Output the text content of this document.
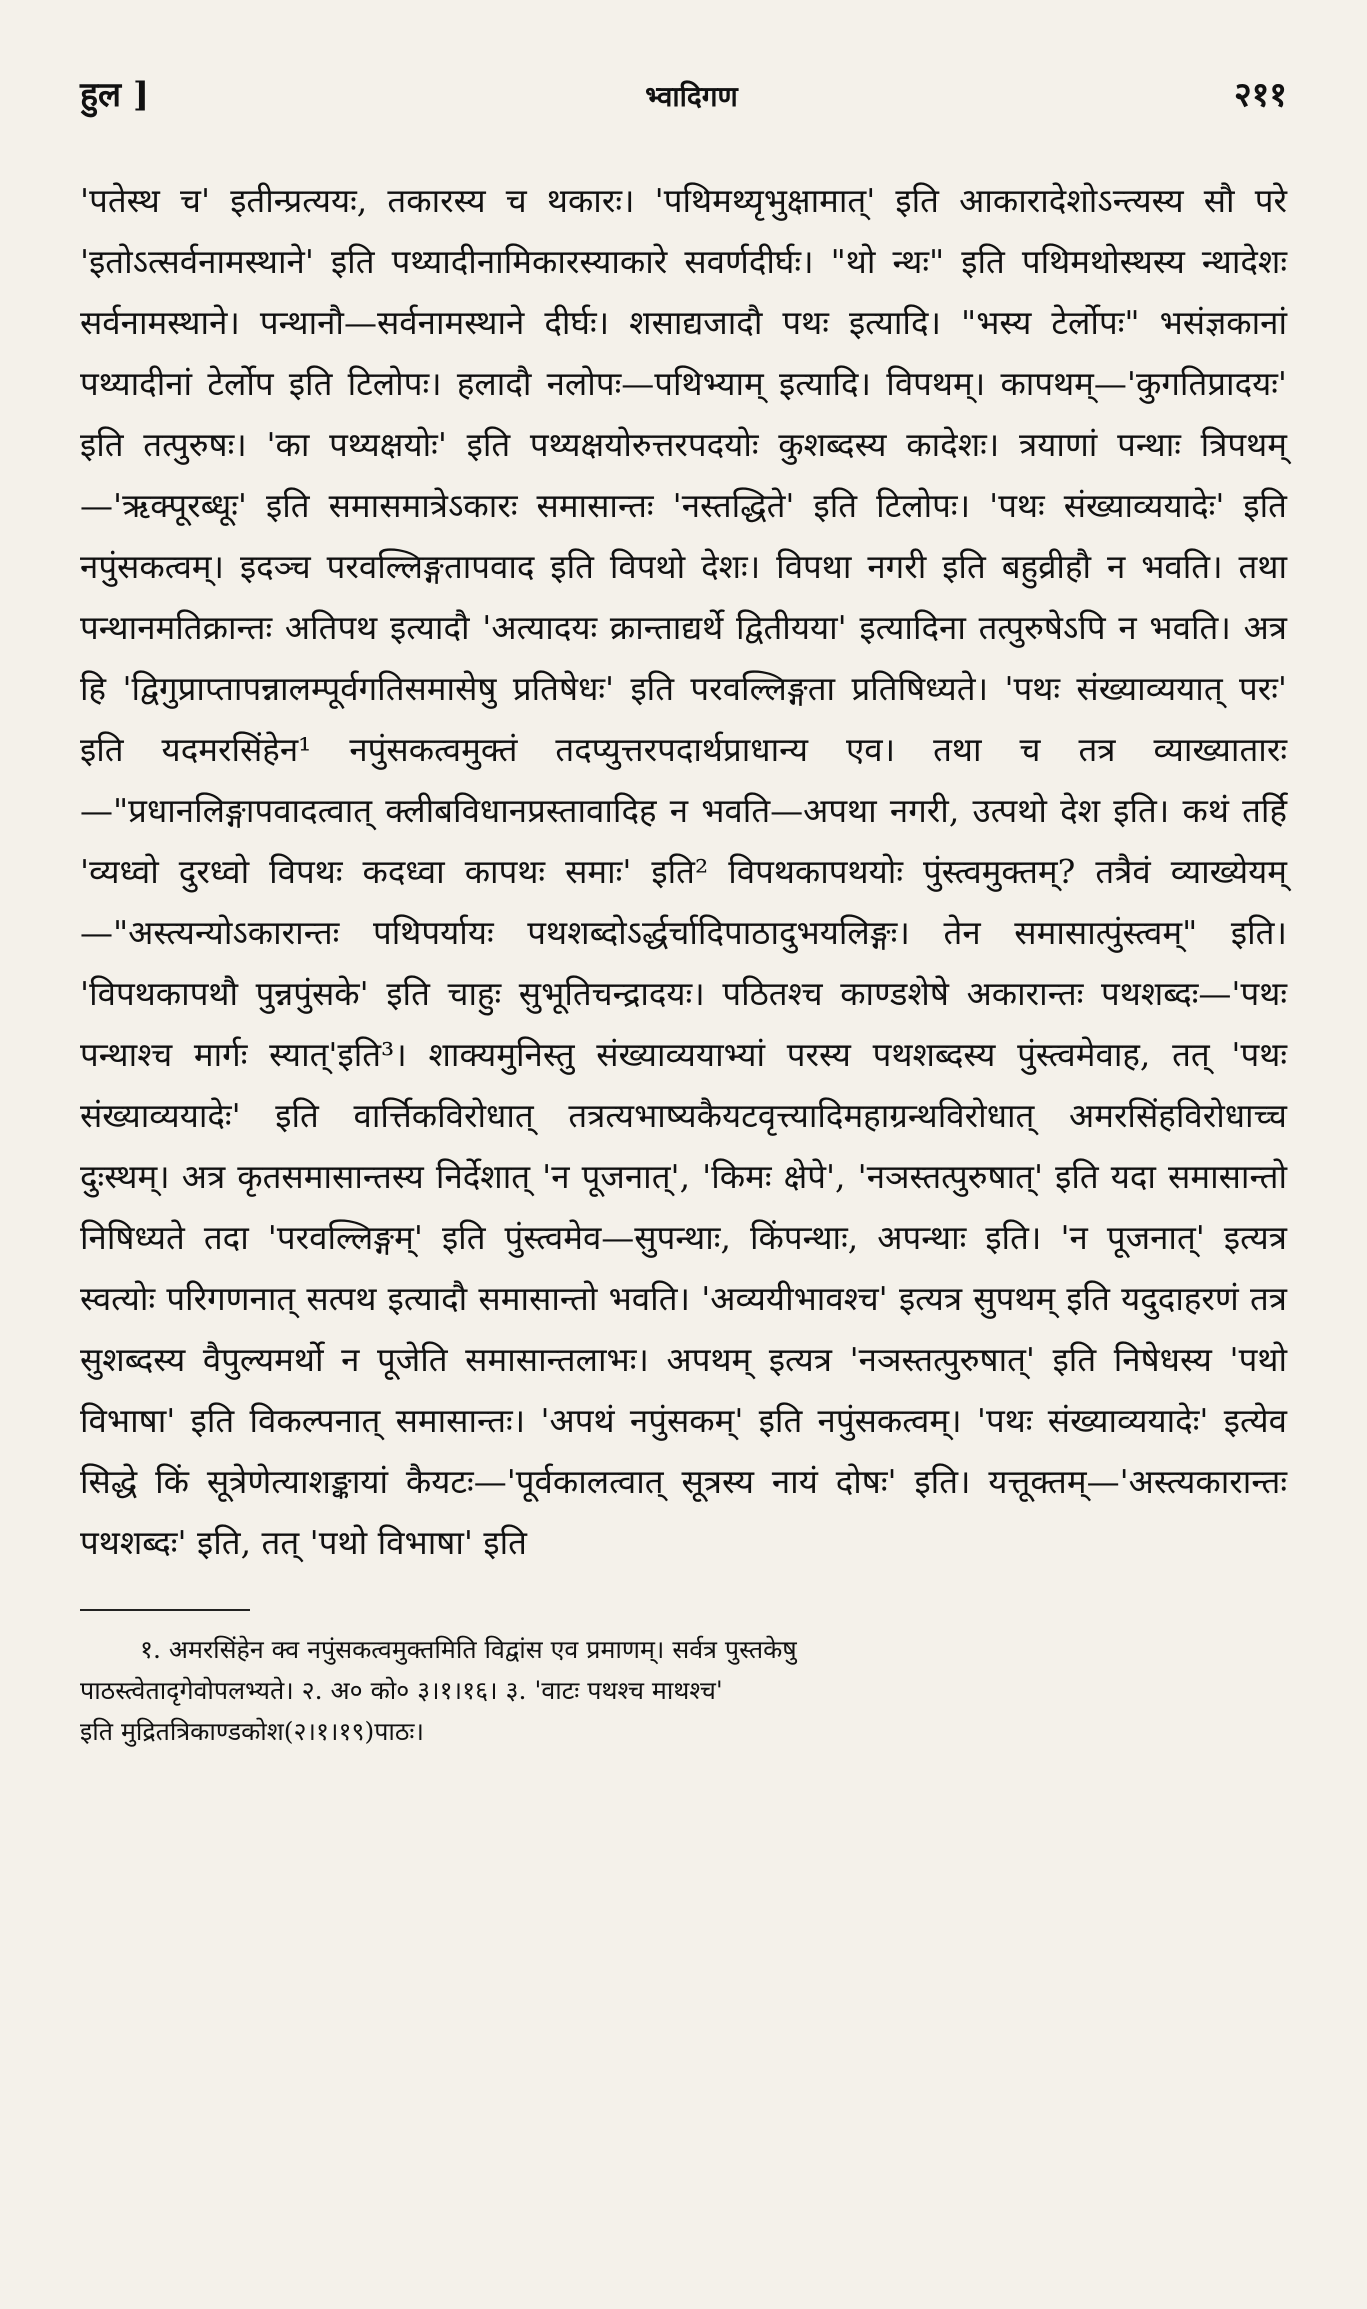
हुल ]	भ्वादिगण	२११

'पतेस्थ च' इतीन्प्रत्ययः, तकारस्य च थकारः। 'पथिमथ्यृभुक्षामात्' इति आकारादेशोऽन्त्यस्य सौ परे 'इतोऽत्सर्वनामस्थाने' इति पथ्यादीनामिकारस्याकारे सवर्णदीर्घः। "थो न्थः" इति पथिमथोस्थस्य न्थादेशः सर्वनामस्थाने। पन्थानौ—सर्वनामस्थाने दीर्घः। शसाद्यजादौ पथः इत्यादि। "भस्य टेर्लोपः" भसंज्ञकानां पथ्यादीनां टेर्लोप इति टिलोपः। हलादौ नलोपः—पथिभ्याम् इत्यादि। विपथम्। कापथम्—'कुगतिप्रादयः' इति तत्पुरुषः। 'का पथ्यक्षयोः' इति पथ्यक्षयोरुत्तरपदयोः कुशब्दस्य कादेशः। त्रयाणां पन्थाः त्रिपथम्—'ऋक्पूरब्धूः' इति समासमात्रेऽकारः समासान्तः 'नस्तद्धिते' इति टिलोपः। 'पथः संख्याव्ययादेः' इति नपुंसकत्वम्। इदञ्च परवल्लिङ्गतापवाद इति विपथो देशः। विपथा नगरी इति बहुव्रीहौ न भवति। तथा पन्थानमतिक्रान्तः अतिपथ इत्यादौ 'अत्यादयः क्रान्ताद्यर्थे द्वितीयया' इत्यादिना तत्पुरुषेऽपि न भवति। अत्र हि 'द्विगुप्राप्तापन्नालम्पूर्वगतिसमासेषु प्रतिषेधः' इति परवल्लिङ्गता प्रतिषिध्यते। 'पथः संख्याव्ययात् परः' इति यदमरसिंहेन¹ नपुंसकत्वमुक्तं तदप्युत्तरपदार्थप्राधान्य एव। तथा च तत्र व्याख्यातारः—"प्रधानलिङ्गापवादत्वात् क्लीबविधानप्रस्तावादिह न भवति—अपथा नगरी, उत्पथो देश इति। कथं तर्हि 'व्यध्वो दुरध्वो विपथः कदध्वा कापथः समाः' इति² विपथकापथयोः पुंस्त्वमुक्तम्? तत्रैवं व्याख्येयम्—"अस्त्यन्योऽकारान्तः पथिपर्यायः पथशब्दोऽर्द्धर्चादिपाठादुभयलिङ्गः। तेन समासात्पुंस्त्वम्" इति। 'विपथकापथौ पुन्नपुंसके' इति चाहुः सुभूतिचन्द्रादयः। पठितश्च काण्डशेषे अकारान्तः पथशब्दः—'पथः पन्थाश्च मार्गः स्यात्'इति³। शाक्यमुनिस्तु संख्याव्ययाभ्यां परस्य पथशब्दस्य पुंस्त्वमेवाह, तत् 'पथः संख्याव्ययादेः' इति वार्त्तिकविरोधात् तत्रत्यभाष्यकैयटवृत्त्यादिमहाग्रन्थविरोधात् अमरसिंहविरोधाच्च दुःस्थम्। अत्र कृतसमासान्तस्य निर्देशात् 'न पूजनात्', 'किमः क्षेपे', 'नञस्तत्पुरुषात्' इति यदा समासान्तो निषिध्यते तदा 'परवल्लिङ्गम्' इति पुंस्त्वमेव—सुपन्थाः, किंपन्थाः, अपन्थाः इति। 'न पूजनात्' इत्यत्र स्वत्योः परिगणनात् सत्पथ इत्यादौ समासान्तो भवति। 'अव्ययीभावश्च' इत्यत्र सुपथम् इति यदुदाहरणं तत्र सुशब्दस्य वैपुल्यमर्थो न पूजेति समासान्तलाभः। अपथम् इत्यत्र 'नञस्तत्पुरुषात्' इति निषेधस्य 'पथो विभाषा' इति विकल्पनात् समासान्तः। 'अपथं नपुंसकम्' इति नपुंसकत्वम्। 'पथः संख्याव्ययादेः' इत्येव सिद्धे किं सूत्रेणेत्याशङ्कायां कैयटः—'पूर्वकालत्वात् सूत्रस्य नायं दोषः' इति। यत्तूक्तम्—'अस्त्यकारान्तः पथशब्दः' इति, तत् 'पथो विभाषा' इति

१. अमरसिंहेन क्व नपुंसकत्वमुक्तमिति विद्वांस एव प्रमाणम्। सर्वत्र पुस्तकेषु

पाठस्त्वेतादृगेवोपलभ्यते। २. अ० को० ३।१।१६। ३. 'वाटः पथश्च माथश्च'

इति मुद्रितत्रिकाण्डकोश(२।१।१९)पाठः।
